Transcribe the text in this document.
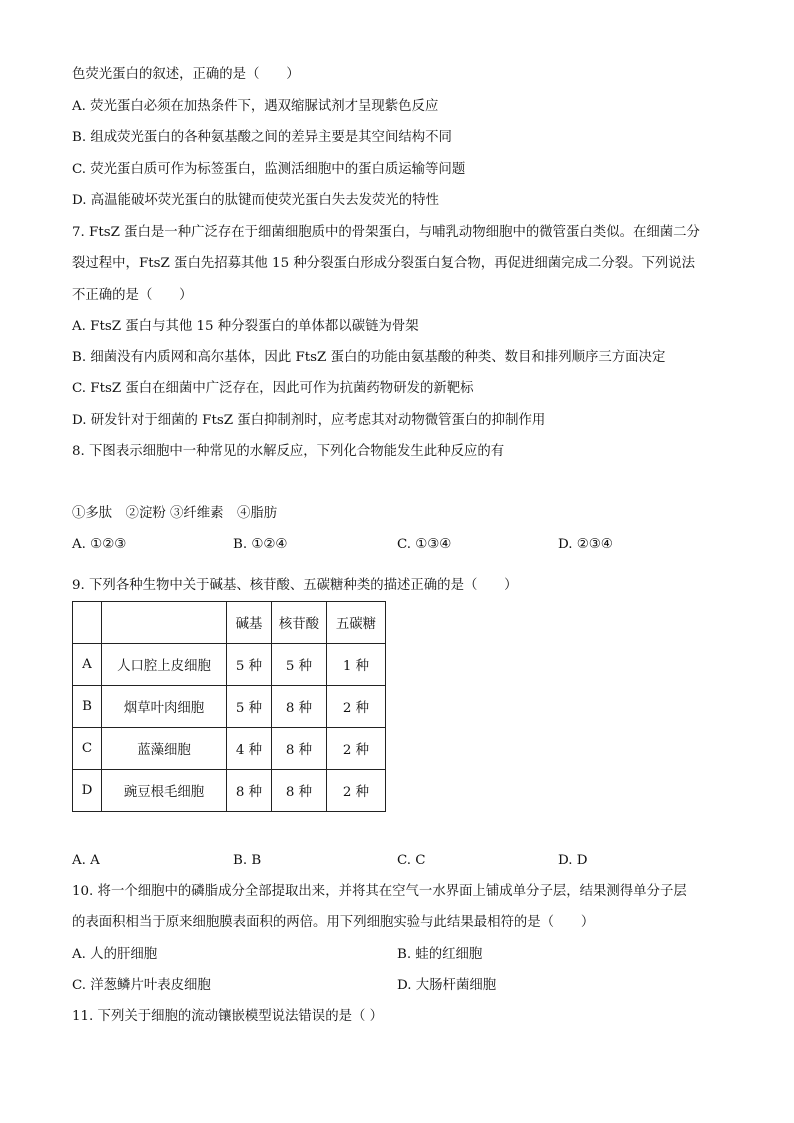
色荧光蛋白的叙述，正确的是（　　）
A. 荧光蛋白必须在加热条件下，遇双缩脲试剂才呈现紫色反应
B. 组成荧光蛋白的各种氨基酸之间的差异主要是其空间结构不同
C. 荧光蛋白质可作为标签蛋白，监测活细胞中的蛋白质运输等问题
D. 高温能破坏荧光蛋白的肽键而使荧光蛋白失去发荧光的特性
7. FtsZ 蛋白是一种广泛存在于细菌细胞质中的骨架蛋白，与哺乳动物细胞中的微管蛋白类似。在细菌二分
裂过程中，FtsZ 蛋白先招募其他 15 种分裂蛋白形成分裂蛋白复合物，再促进细菌完成二分裂。下列说法
不正确的是（　　）
A. FtsZ 蛋白与其他 15 种分裂蛋白的单体都以碳链为骨架
B. 细菌没有内质网和高尔基体，因此 FtsZ 蛋白的功能由氨基酸的种类、数目和排列顺序三方面决定
C. FtsZ 蛋白在细菌中广泛存在，因此可作为抗菌药物研发的新靶标
D. 研发针对于细菌的 FtsZ 蛋白抑制剂时，应考虑其对动物微管蛋白的抑制作用
8. 下图表示细胞中一种常见的水解反应，下列化合物能发生此种反应的有
①多肽　②淀粉 ③纤维素　④脂肪
A. ①②③	B. ①②④	C. ①③④	D. ②③④
9. 下列各种生物中关于碱基、核苷酸、五碳糖种类的描述正确的是（　　）
		碱基	核苷酸	五碳糖
A	人口腔上皮细胞	5 种	5 种	1 种
B	烟草叶肉细胞	5 种	8 种	2 种
C	蓝藻细胞	4 种	8 种	2 种
D	豌豆根毛细胞	8 种	8 种	2 种
A. A	B. B	C. C	D. D
10. 将一个细胞中的磷脂成分全部提取出来，并将其在空气一水界面上铺成单分子层，结果测得单分子层
的表面积相当于原来细胞膜表面积的两倍。用下列细胞实验与此结果最相符的是（　　）
A. 人的肝细胞	B. 蛙的红细胞
C. 洋葱鳞片叶表皮细胞	D. 大肠杆菌细胞
11. 下列关于细胞的流动镶嵌模型说法错误的是（ ）
